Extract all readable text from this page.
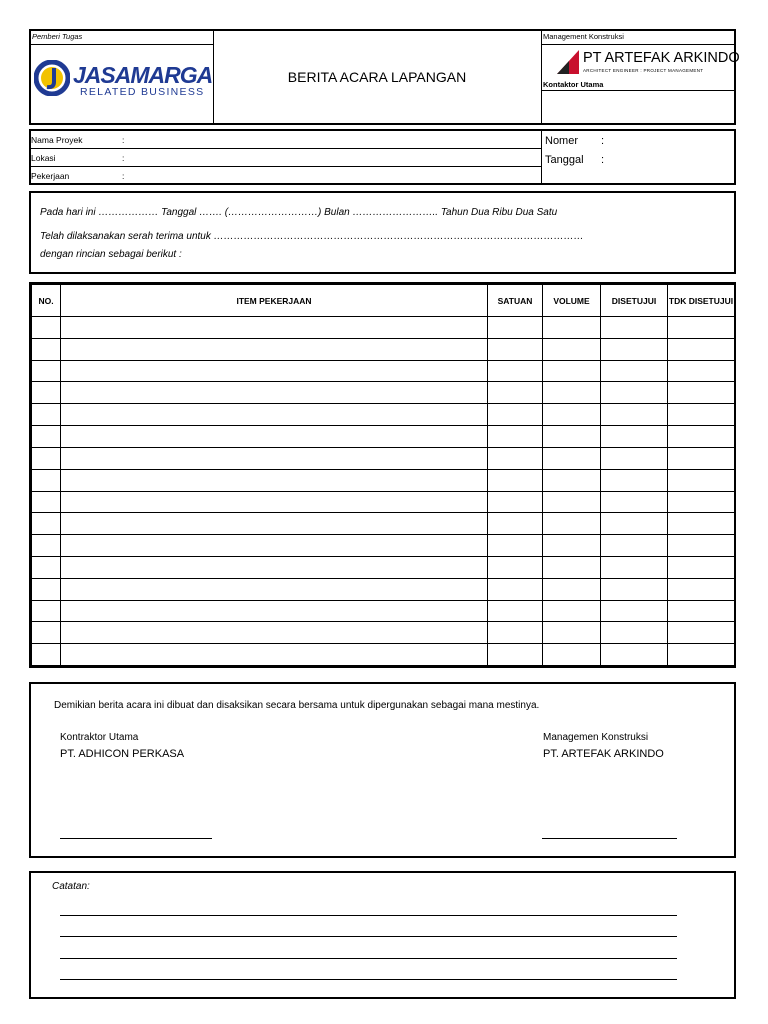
Pemberi Tugas
JASAMARGA
RELATED BUSINESS
BERITA ACARA LAPANGAN
Management Konstruksi
PT ARTEFAK ARKINDO
ARCHITECT ENGINEER : PROJECT MANAGEMENT
Kontaktor Utama
Nama Proyek	:
Lokasi	:
Pekerjaan	:
Nomer :
Tanggal :
Pada hari ini ……………… Tanggal ……. (………………………) Bulan …………………….. Tahun Dua Ribu Dua Satu
Telah dilaksanakan serah terima untuk …………………………………………………………………………………………………
dengan rincian sebagai berikut :
NO.	ITEM PEKERJAAN	SATUAN	VOLUME	DISETUJUI	TDK DISETUJUI

Demikian berita acara ini dibuat dan disaksikan secara bersama untuk dipergunakan sebagai mana mestinya.
Kontraktor Utama
PT. ADHICON PERKASA
Managemen Konstruksi
PT. ARTEFAK ARKINDO
Catatan:
